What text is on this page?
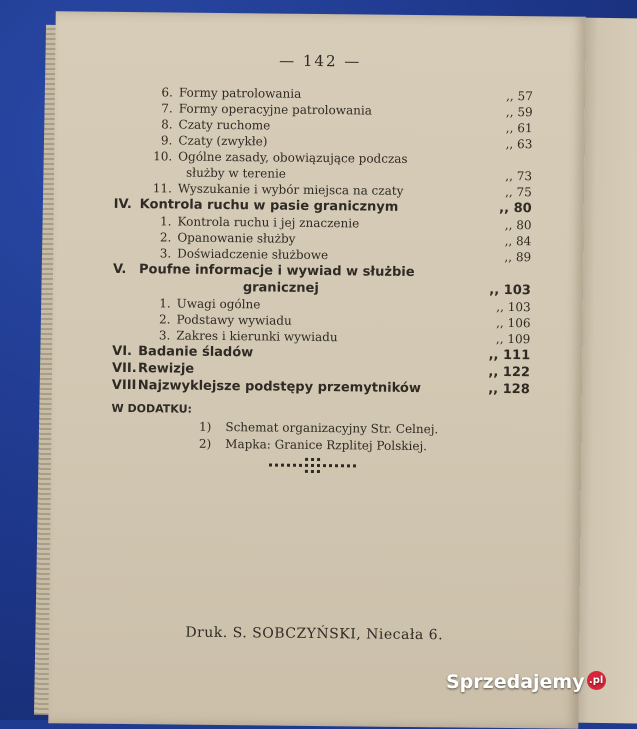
— 142 —
6. Formy patrolowania	,, 57
7. Formy operacyjne patrolowania	,, 59
8. Czaty ruchome	,, 61
9. Czaty (zwykłe)	,, 63
10. Ogólne zasady, obowiązujące podczas
służby w terenie	,, 73
11. Wyszukanie i wybór miejsca na czaty	,, 75
IV. Kontrola ruchu w pasie granicznym	,, 80
1. Kontrola ruchu i jej znaczenie	,, 80
2. Opanowanie służby	,, 84
3. Doświadczenie służbowe	,, 89
V. Poufne informacje i wywiad w służbie
granicznej	,, 103
1. Uwagi ogólne	,, 103
2. Podstawy wywiadu	,, 106
3. Zakres i kierunki wywiadu	,, 109
VI. Badanie śladów	,, 111
VII.Rewizje	,, 122
VIIINajzwyklejsze podstępy przemytników	,, 128
W DODATKU:
1) Schemat organizacyjny Str. Celnej.
2) Mapka: Granice Rzplitej Polskiej.
Druk. S. SOBCZYŃSKI, Niecała 6.
Sprzedajemy .pl
